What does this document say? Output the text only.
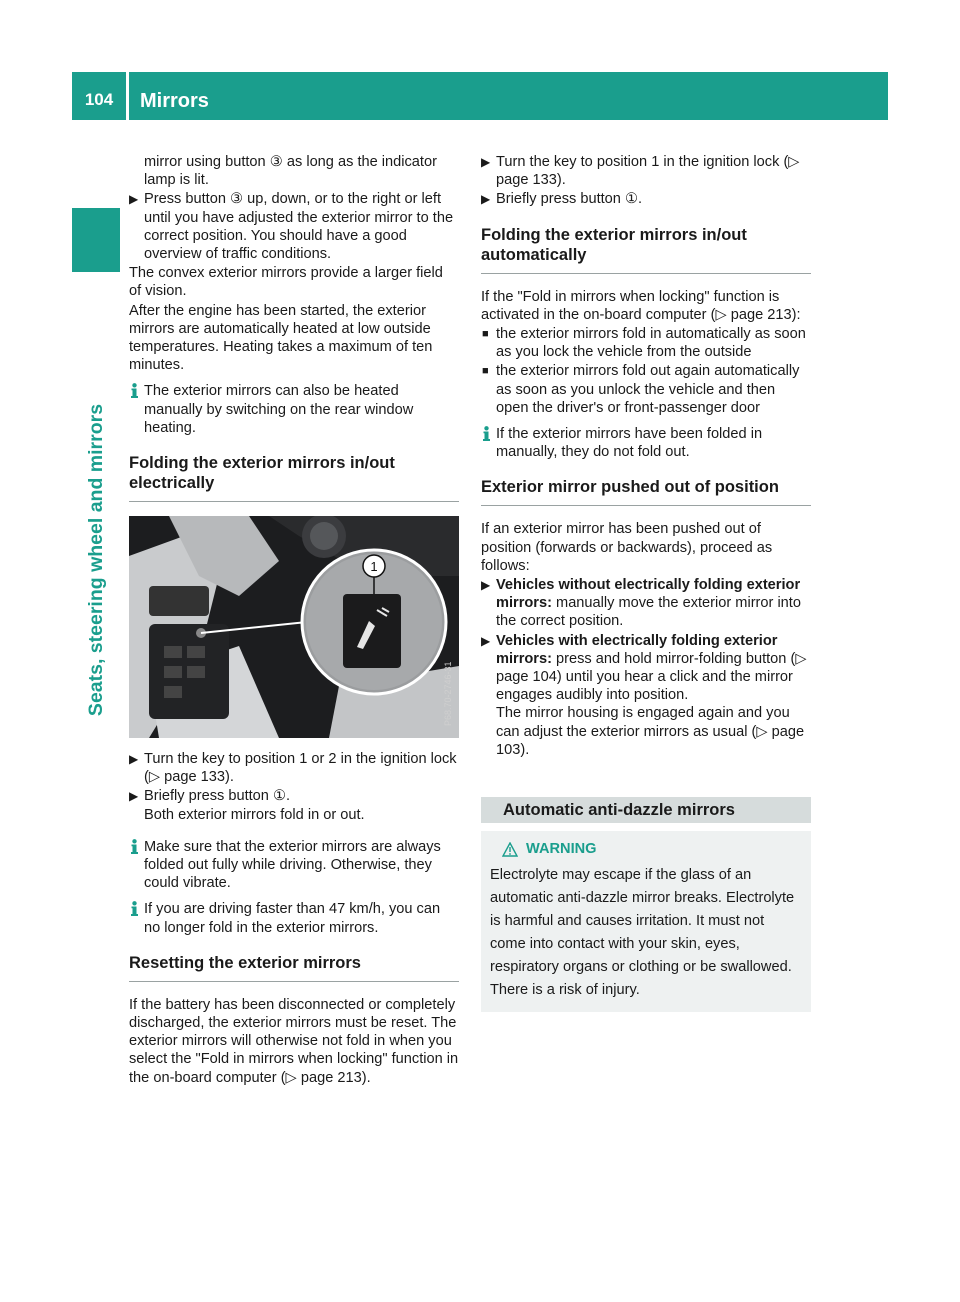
104	Mirrors
Seats, steering wheel and mirrors

mirror using button ③ as long as the indicator lamp is lit.

▶ Press button ③ up, down, or to the right or left until you have adjusted the exterior mirror to the correct position. You should have a good overview of traffic conditions.

The convex exterior mirrors provide a larger field of vision.

After the engine has been started, the exterior mirrors are automatically heated at low outside temperatures. Heating takes a maximum of ten minutes.

The exterior mirrors can also be heated manually by switching on the rear window heating.
Folding the exterior mirrors in/out electrically
1
P68.70-2746-31
▶ Turn the key to position 1 or 2 in the ignition lock (▷ page 133).
▶ Briefly press button ①.
Both exterior mirrors fold in or out.
Make sure that the exterior mirrors are always folded out fully while driving. Otherwise, they could vibrate.
If you are driving faster than 47 km/h, you can no longer fold in the exterior mirrors.
Resetting the exterior mirrors

If the battery has been disconnected or completely discharged, the exterior mirrors must be reset. The exterior mirrors will otherwise not fold in when you select the "Fold in mirrors when locking" function in the on-board computer (▷ page 213).

▶ Turn the key to position 1 in the ignition lock (▷ page 133).
▶ Briefly press button ①.
Folding the exterior mirrors in/out automatically

If the "Fold in mirrors when locking" function is activated in the on-board computer (▷ page 213):

■ the exterior mirrors fold in automatically as soon as you lock the vehicle from the outside
■ the exterior mirrors fold out again automatically as soon as you unlock the vehicle and then open the driver's or front-passenger door
If the exterior mirrors have been folded in manually, they do not fold out.
Exterior mirror pushed out of position

If an exterior mirror has been pushed out of position (forwards or backwards), proceed as follows:

▶ Vehicles without electrically folding exterior mirrors: manually move the exterior mirror into the correct position.
▶ Vehicles with electrically folding exterior mirrors: press and hold mirror-folding button (▷ page 104) until you hear a click and the mirror engages audibly into position.
The mirror housing is engaged again and you can adjust the exterior mirrors as usual (▷ page 103).
Automatic anti-dazzle mirrors
WARNING

Electrolyte may escape if the glass of an automatic anti-dazzle mirror breaks. Electrolyte is harmful and causes irritation. It must not come into contact with your skin, eyes, respiratory organs or clothing or be swallowed. There is a risk of injury.
